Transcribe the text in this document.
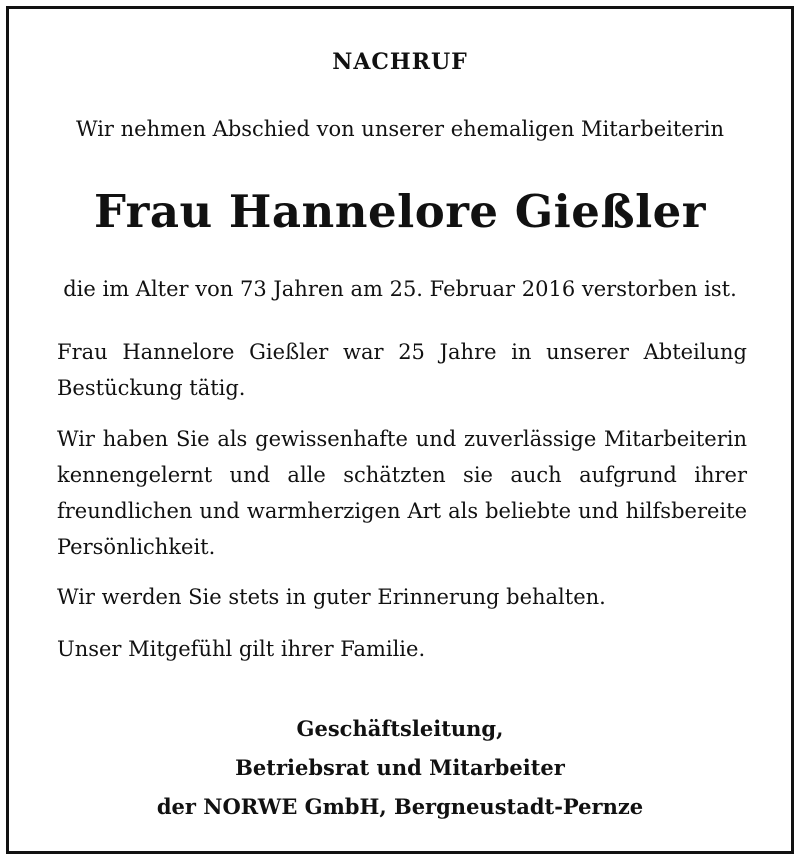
NACHRUF
Wir nehmen Abschied von unserer ehemaligen Mitarbeiterin
Frau Hannelore Gießler
die im Alter von 73 Jahren am 25. Februar 2016 verstorben ist.
Frau Hannelore Gießler war 25 Jahre in unserer Abteilung Bestückung tätig.
Wir haben Sie als gewissenhafte und zuverlässige Mitarbeiterin kennengelernt und alle schätzten sie auch aufgrund ihrer freundlichen und warmherzigen Art als beliebte und hilfsbereite Persönlichkeit.
Wir werden Sie stets in guter Erinnerung behalten.
Unser Mitgefühl gilt ihrer Familie.
Geschäftsleitung,
Betriebsrat und Mitarbeiter
der NORWE GmbH, Bergneustadt-Pernze
